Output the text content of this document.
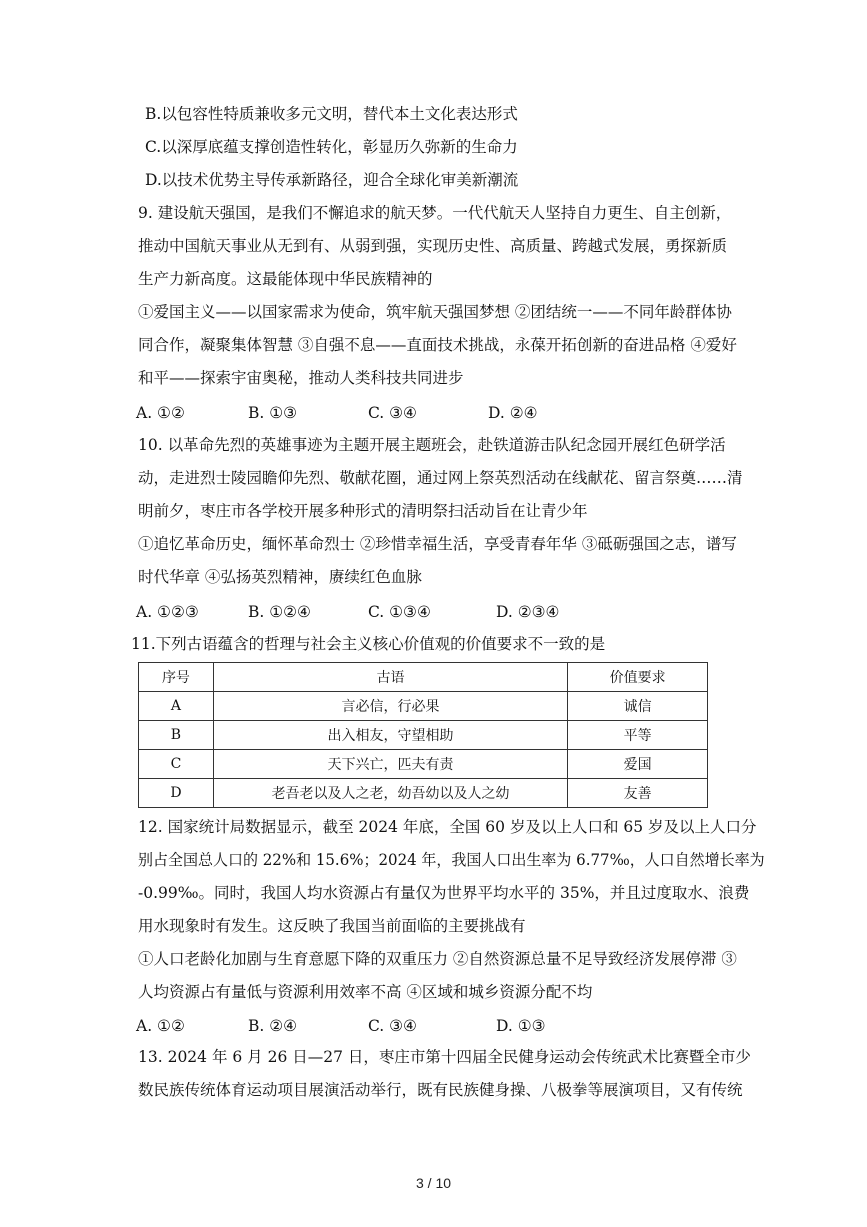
B.以包容性特质兼收多元文明，替代本土文化表达形式
C.以深厚底蕴支撑创造性转化，彰显历久弥新的生命力
D.以技术优势主导传承新路径，迎合全球化审美新潮流
9. 建设航天强国，是我们不懈追求的航天梦。一代代航天人坚持自力更生、自主创新，
推动中国航天事业从无到有、从弱到强，实现历史性、高质量、跨越式发展，勇探新质
生产力新高度。这最能体现中华民族精神的
①爱国主义——以国家需求为使命，筑牢航天强国梦想 ②团结统一——不同年龄群体协
同合作，凝聚集体智慧 ③自强不息——直面技术挑战，永葆开拓创新的奋进品格 ④爱好
和平——探索宇宙奥秘，推动人类科技共同进步
A. ①②	B. ①③	C. ③④	D. ②④
10. 以革命先烈的英雄事迹为主题开展主题班会，赴铁道游击队纪念园开展红色研学活
动，走进烈士陵园瞻仰先烈、敬献花圈，通过网上祭英烈活动在线献花、留言祭奠……清
明前夕，枣庄市各学校开展多种形式的清明祭扫活动旨在让青少年
①追忆革命历史，缅怀革命烈士 ②珍惜幸福生活，享受青春年华 ③砥砺强国之志，谱写
时代华章 ④弘扬英烈精神，赓续红色血脉
A. ①②③	B. ①②④	C. ①③④	D. ②③④
11.下列古语蕴含的哲理与社会主义核心价值观的价值要求不一致的是
序号	古语	价值要求
A	言必信，行必果	诚信
B	出入相友，守望相助	平等
C	天下兴亡，匹夫有责	爱国
D	老吾老以及人之老，幼吾幼以及人之幼	友善
12. 国家统计局数据显示，截至 2024 年底，全国 60 岁及以上人口和 65 岁及以上人口分
别占全国总人口的 22%和 15.6%；2024 年，我国人口出生率为 6.77‰，人口自然增长率为
-0.99‰。同时，我国人均水资源占有量仅为世界平均水平的 35%，并且过度取水、浪费
用水现象时有发生。这反映了我国当前面临的主要挑战有
①人口老龄化加剧与生育意愿下降的双重压力 ②自然资源总量不足导致经济发展停滞 ③
人均资源占有量低与资源利用效率不高 ④区域和城乡资源分配不均
A. ①②	B. ②④	C. ③④	D. ①③
13. 2024 年 6 月 26 日—27 日，枣庄市第十四届全民健身运动会传统武术比赛暨全市少
数民族传统体育运动项目展演活动举行，既有民族健身操、八极拳等展演项目，又有传统
3 / 10
